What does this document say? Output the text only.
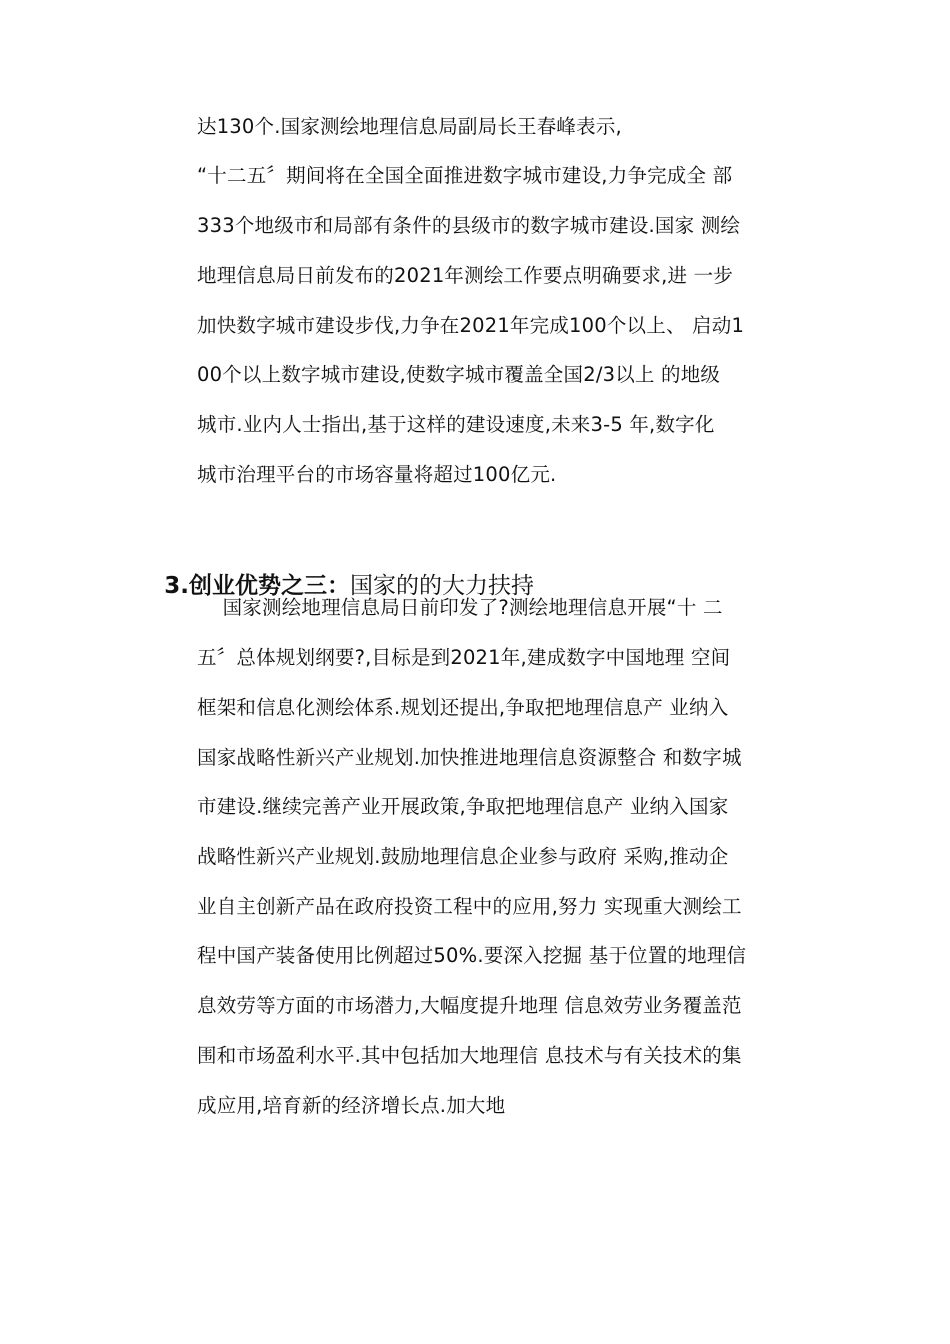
达130个.国家测绘地理信息局副局长王春峰表示,
“十二五〞期间将在全国全面推进数字城市建设,力争完成全 部
333个地级市和局部有条件的县级市的数字城市建设.国家 测绘
地理信息局日前发布的2021年测绘工作要点明确要求,进 一步
加快数字城市建设步伐,力争在2021年完成100个以上、 启动1
00个以上数字城市建设,使数字城市覆盖全国2/3以上 的地级
城市.业内人士指出,基于这样的建设速度,未来3-5 年,数字化
城市治理平台的市场容量将超过100亿元.

3.创业优势之三：国家的的大力扶持

国家测绘地理信息局日前印发了?测绘地理信息开展“十 二
五〞总体规划纲要?,目标是到2021年,建成数字中国地理 空间
框架和信息化测绘体系.规划还提出,争取把地理信息产 业纳入
国家战略性新兴产业规划.加快推进地理信息资源整合 和数字城
市建设.继续完善产业开展政策,争取把地理信息产 业纳入国家
战略性新兴产业规划.鼓励地理信息企业参与政府 采购,推动企
业自主创新产品在政府投资工程中的应用,努力 实现重大测绘工
程中国产装备使用比例超过50%.要深入挖掘 基于位置的地理信
息效劳等方面的市场潜力,大幅度提升地理 信息效劳业务覆盖范
围和市场盈利水平.其中包括加大地理信 息技术与有关技术的集
成应用,培育新的经济增长点.加大地
